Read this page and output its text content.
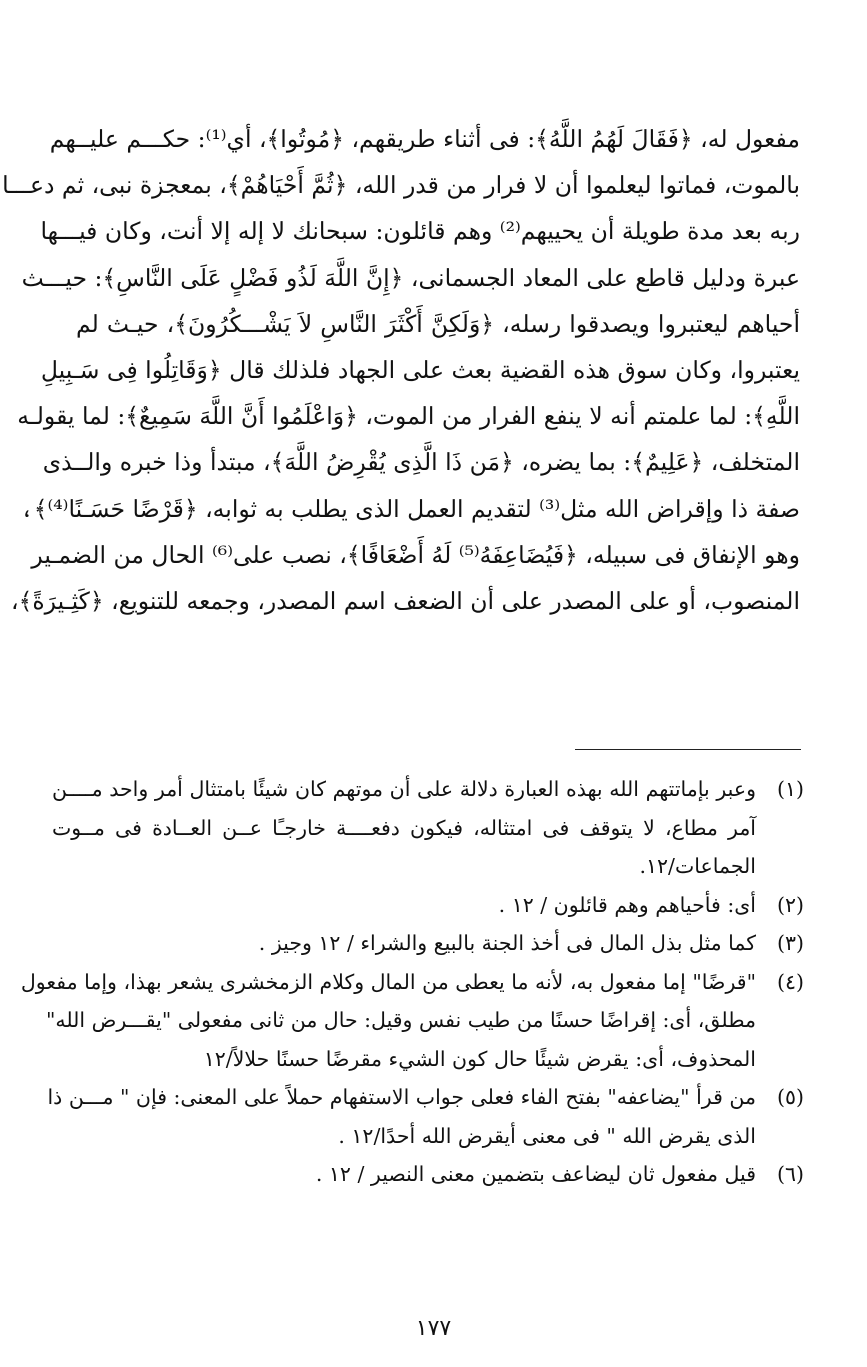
مفعول له، ﴿فَقَالَ لَهُمُ اللَّهُ﴾: فى أثناء طريقهم، ﴿مُوتُوا﴾، أي⁽¹⁾: حكـــم عليــهم
بالموت، فماتوا ليعلموا أن لا فرار من قدر الله، ﴿ثُمَّ أَحْيَاهُمْ﴾، بمعجزة نبى، ثم دعـــا
ربه بعد مدة طويلة أن يحييهم⁽²⁾ وهم قائلون: سبحانك لا إله إلا أنت، وكان فيـــها
عبرة ودليل قاطع على المعاد الجسمانى، ﴿إِنَّ اللَّهَ لَذُو فَضْلٍ عَلَى النَّاسِ﴾: حيـــث
أحياهم ليعتبروا ويصدقوا رسله، ﴿وَلَكِنَّ أَكْثَرَ النَّاسِ لاَ يَشْـــكُرُونَ﴾، حيـث لم
يعتبروا، وكان سوق هذه القضية بعث على الجهاد فلذلك قال ﴿وَقَاتِلُوا فِى سَـبِيلِ
اللَّهِ﴾: لما علمتم أنه لا ينفع الفرار من الموت، ﴿وَاعْلَمُوا أَنَّ اللَّهَ سَمِيعٌ﴾: لما يقولـه
المتخلف، ﴿عَلِيمٌ﴾: بما يضره، ﴿مَن ذَا الَّذِى يُقْرِضُ اللَّهَ﴾، مبتدأ وذا خبره والــذى
صفة ذا وإقراض الله مثل⁽³⁾ لتقديم العمل الذى يطلب به ثوابه، ﴿قَرْضًا حَسَـنًا⁽⁴⁾﴾،
وهو الإنفاق فى سبيله، ﴿فَيُضَاعِفَهُ⁽⁵⁾ لَهُ أَضْعَافًا﴾، نصب على⁽⁶⁾ الحال من الضمـير
المنصوب، أو على المصدر على أن الضعف اسم المصدر، وجمعه للتنويع، ﴿كَثِـيرَةً﴾،
(١)
وعبر بإماتتهم الله بهذه العبارة دلالة على أن موتهم كان شيئًا بامتثال أمر واحد مــــن
آمر مطاع، لا يتوقف فى امتثاله، فيكون دفعــــة خارجـًا عــن العــادة فى مــوت
الجماعات/١٢.
(٢)
أى: فأحياهم وهم قائلون / ١٢ .
(٣)
كما مثل بذل المال فى أخذ الجنة بالبيع والشراء / ١٢ وجيز .
(٤)
"قرضًا" إما مفعول به، لأنه ما يعطى من المال وكلام الزمخشرى يشعر بهذا، وإما مفعول
مطلق، أى: إقراضًا حسنًا من طيب نفس وقيل: حال من ثانى مفعولى "يقـــرض الله"
المحذوف، أى: يقرض شيئًا حال كون الشيء مقرضًا حسنًا حلالاً/١٢
(٥)
من قرأ "يضاعفه" بفتح الفاء فعلى جواب الاستفهام حملاً على المعنى: فإن " مـــن ذا
الذى يقرض الله " فى معنى أيقرض الله أحدًا/١٢ .
(٦)
قيل مفعول ثان ليضاعف بتضمين معنى النصير / ١٢ .
١٧٧
